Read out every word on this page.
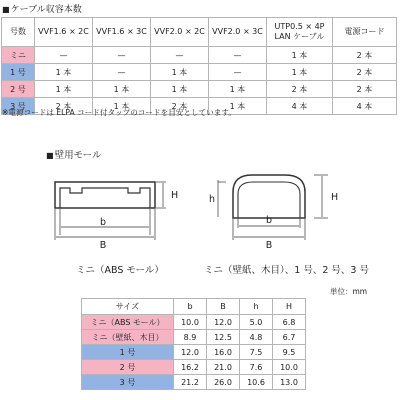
■ ケーブル収容本数
号数	VVF1.6 × 2C	VVF1.6 × 3C	VVF2.0 × 2C	VVF2.0 × 3C	UTP0.5 × 4P
LAN ケーブル	電源コード
ミニ	—	—	—	—	1 本	2 本
1 号	1 本	—	1 本	—	1 本	2 本
2 号	1 本	1 本	1 本	1 本	2 本	2 本
3 号	2 本	1 本	2 本	1 本	4 本	4 本
※電源コードは ELPA コード付タップのコードを目安としています。
■ 壁用モール
b
B
H	h	H
b
B
ミニ（ABS モール）	ミニ（壁紙、木目）、1 号、2 号、3 号
単位：mm
サイズ	b	B	h	H
ミニ（ABS モール）	10.0	12.0	5.0	6.8
ミニ（壁紙、木目）	8.9	12.5	4.8	6.7
1 号	12.0	16.0	7.5	9.5
2 号	16.2	21.0	7.6	10.0
3 号	21.2	26.0	10.6	13.0
